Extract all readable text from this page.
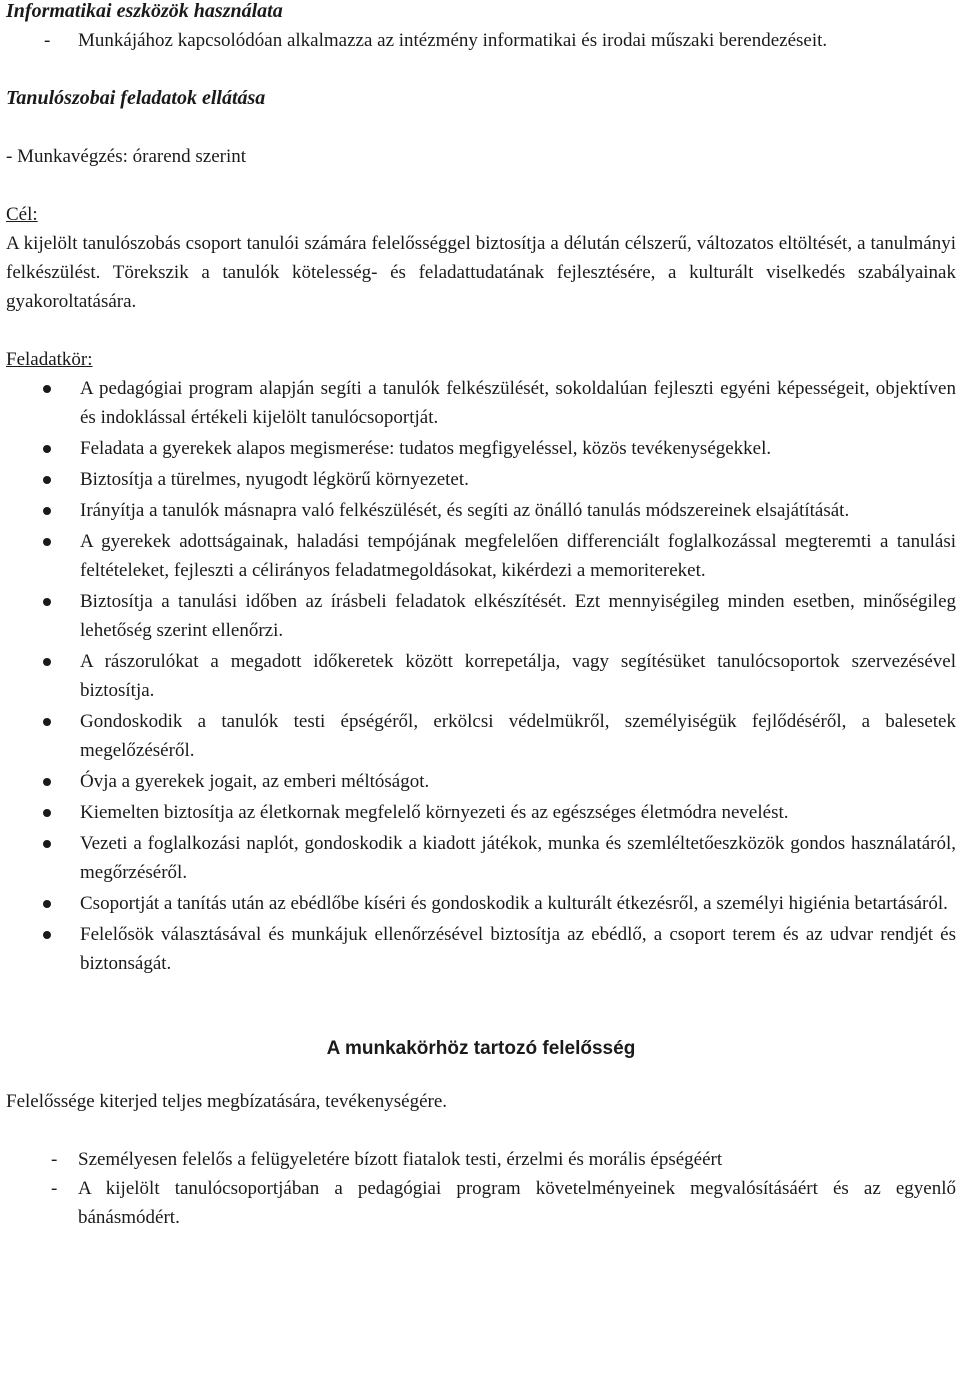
Informatikai eszközök használata
-	Munkájához kapcsolódóan alkalmazza az intézmény informatikai és irodai műszaki berendezéseit.
Tanulószobai feladatok ellátása

- Munkavégzés: órarend szerint

Cél:

A kijelölt tanulószobás csoport tanulói számára felelősséggel biztosítja a délután célszerű, változatos eltöltését, a tanulmányi felkészülést. Törekszik a tanulók kötelesség- és feladattudatának fejlesztésére, a kulturált viselkedés szabályainak gyakoroltatására.

Feladatkör:

A pedagógiai program alapján segíti a tanulók felkészülését, sokoldalúan fejleszti egyéni képességeit, objektíven és indoklással értékeli kijelölt tanulócsoportját.
Feladata a gyerekek alapos megismerése: tudatos megfigyeléssel, közös tevékenységekkel.
Biztosítja a türelmes, nyugodt légkörű környezetet.
Irányítja a tanulók másnapra való felkészülését, és segíti az önálló tanulás módszereinek elsajátítását.
A gyerekek adottságainak, haladási tempójának megfelelően differenciált foglalkozással megteremti a tanulási feltételeket, fejleszti a célirányos feladatmegoldásokat, kikérdezi a memoritereket.
Biztosítja a tanulási időben az írásbeli feladatok elkészítését. Ezt mennyiségileg minden esetben, minőségileg lehetőség szerint ellenőrzi.
A rászorulókat a megadott időkeretek között korrepetálja, vagy segítésüket tanulócsoportok szervezésével biztosítja.
Gondoskodik a tanulók testi épségéről, erkölcsi védelmükről, személyiségük fejlődéséről, a balesetek megelőzéséről.
Óvja a gyerekek jogait, az emberi méltóságot.
Kiemelten biztosítja az életkornak megfelelő környezeti és az egészséges életmódra nevelést.
Vezeti a foglalkozási naplót, gondoskodik a kiadott játékok, munka és szemléltetőeszközök gondos használatáról, megőrzéséről.
Csoportját a tanítás után az ebédlőbe kíséri és gondoskodik a kulturált étkezésről, a személyi higiénia betartásáról.
Felelősök választásával és munkájuk ellenőrzésével biztosítja az ebédlő, a csoport terem és az udvar rendjét és biztonságát.
A munkakörhöz tartozó felelősség

Felelőssége kiterjed teljes megbízatására, tevékenységére.

-	Személyesen felelős a felügyeletére bízott fiatalok testi, érzelmi és morális épségéért
-	A kijelölt tanulócsoportjában a pedagógiai program követelményeinek megvalósításáért és az egyenlő bánásmódért.
